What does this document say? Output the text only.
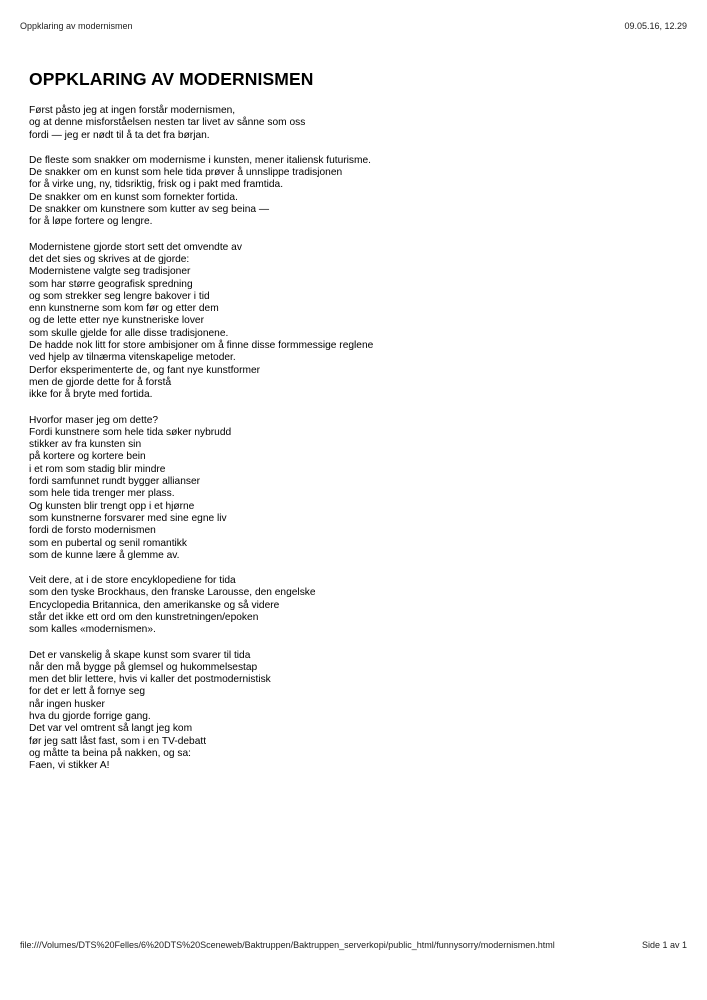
Oppklaring av modernismen	09.05.16, 12.29
OPPKLARING AV MODERNISMEN
Først påsto jeg at ingen forstår modernismen,
og at denne misforståelsen nesten tar livet av sånne som oss
fordi — jeg er nødt til å ta det fra børjan.
De fleste som snakker om modernisme i kunsten, mener italiensk futurisme.
De snakker om en kunst som hele tida prøver å unnslippe tradisjonen
for å virke ung, ny, tidsriktig, frisk og i pakt med framtida.
De snakker om en kunst som fornekter fortida.
De snakker om kunstnere som kutter av seg beina —
for å løpe fortere og lengre.
Modernistene gjorde stort sett det omvendte av
det det sies og skrives at de gjorde:
Modernistene valgte seg tradisjoner
som har større geografisk spredning
og som strekker seg lengre bakover i tid
enn kunstnerne som kom før og etter dem
og de lette etter nye kunstneriske lover
som skulle gjelde for alle disse tradisjonene.
De hadde nok litt for store ambisjoner om å finne disse formmessige reglene
ved hjelp av tilnærma vitenskapelige metoder.
Derfor eksperimenterte de, og fant nye kunstformer
men de gjorde dette for å forstå
ikke for å bryte med fortida.
Hvorfor maser jeg om dette?
Fordi kunstnere som hele tida søker nybrudd
stikker av fra kunsten sin
på kortere og kortere bein
i et rom som stadig blir mindre
fordi samfunnet rundt bygger allianser
som hele tida trenger mer plass.
Og kunsten blir trengt opp i et hjørne
som kunstnerne forsvarer med sine egne liv
fordi de forsto modernismen
som en pubertal og senil romantikk
som de kunne lære å glemme av.
Veit dere, at i de store encyklopediene for tida
som den tyske Brockhaus, den franske Larousse, den engelske
Encyclopedia Britannica, den amerikanske og så videre
står det ikke ett ord om den kunstretningen/epoken
som kalles «modernismen».
Det er vanskelig å skape kunst som svarer til tida
når den må bygge på glemsel og hukommelsestap
men det blir lettere, hvis vi kaller det postmodernistisk
for det er lett å fornye seg
når ingen husker
hva du gjorde forrige gang.
Det var vel omtrent så langt jeg kom
før jeg satt låst fast, som i en TV-debatt
og måtte ta beina på nakken, og sa:
Faen, vi stikker A!
file:///Volumes/DTS%20Felles/6%20DTS%20Sceneweb/Baktruppen/Baktruppen_serverkopi/public_html/funnysorry/modernismen.html	Side 1 av 1
